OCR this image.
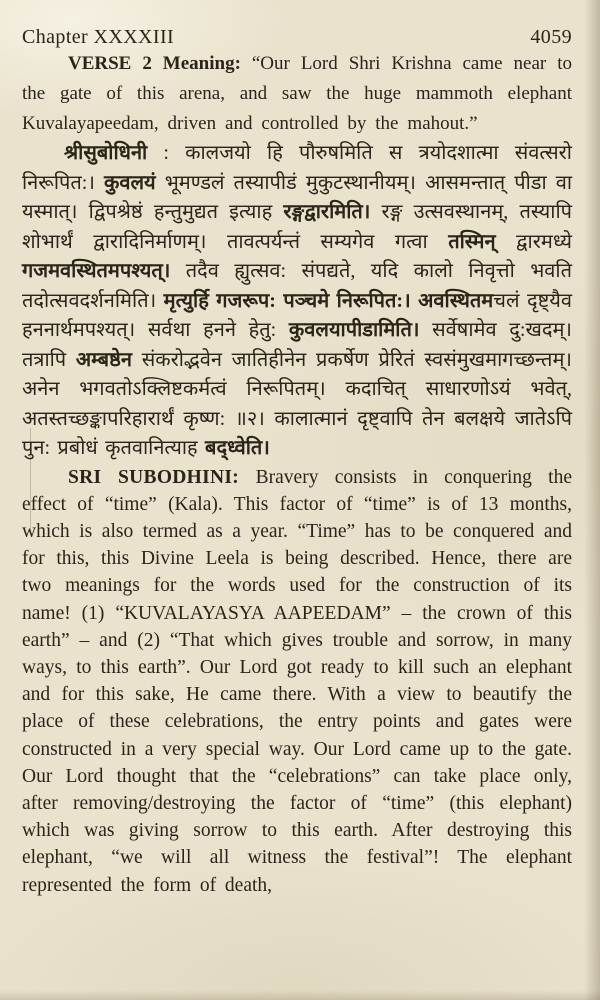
Chapter XXXXIII	4059

VERSE 2 Meaning: “Our Lord Shri Krishna came near to the gate of this arena, and saw the huge mammoth elephant Kuvalayapeedam, driven and controlled by the mahout.”

श्रीसुबोधिनी : कालजयो हि पौरुषमिति स त्रयोदशात्मा संवत्सरो निरूपित:। कुवलयं भूमण्डलं तस्यापीडं मुकुटस्थानीयम्। आसमन्तात् पीडा वा यस्मात्। द्विपश्रेष्ठं हन्तुमुद्यत इत्याह रङ्गद्वारमिति। रङ्ग उत्सवस्थानम्, तस्यापि शोभार्थं द्वारादिनिर्माणम्। तावत्पर्यन्तं सम्यगेव गत्वा तस्मिन् द्वारमध्ये गजमवस्थितमपश्यत्। तदैव ह्युत्सव: संपद्यते, यदि कालो निवृत्तो भवति तदोत्सवदर्शनमिति। मृत्युर्हि गजरूप: पञ्चमे निरूपित:। अवस्थितमचलं दृष्ट्यैव हननार्थमपश्यत्। सर्वथा हनने हेतु: कुवलयापीडामिति। सर्वेषामेव दु:खदम्। तत्रापि अम्बष्ठेन संकरोद्भवेन जातिहीनेन प्रकर्षेण प्रेरितं स्वसंमुखमागच्छन्तम्। अनेन भगवतोऽक्लिष्टकर्मत्वं निरूपितम्। कदाचित् साधारणोऽयं भवेत्, अतस्तच्छङ्कापरिहारार्थं कृष्ण: ॥२। कालात्मानं दृष्ट्वापि तेन बलक्षये जातेऽपि पुन: प्रबोधं कृतवानित्याह बद्ध्वेति।

SRI SUBODHINI: Bravery consists in conquering the effect of “time” (Kala). This factor of “time” is of 13 months, which is also termed as a year. “Time” has to be conquered and for this, this Divine Leela is being described. Hence, there are two meanings for the words used for the construction of its name! (1) “KUVALAYASYA AAPEEDAM” – the crown of this earth” – and (2) “That which gives trouble and sorrow, in many ways, to this earth”. Our Lord got ready to kill such an elephant and for this sake, He came there. With a view to beautify the place of these celebrations, the entry points and gates were constructed in a very special way. Our Lord came up to the gate. Our Lord thought that the “celebrations” can take place only, after removing/destroying the factor of “time” (this elephant) which was giving sorrow to this earth. After destroying this elephant, “we will all witness the festival”! The elephant represented the form of death,
